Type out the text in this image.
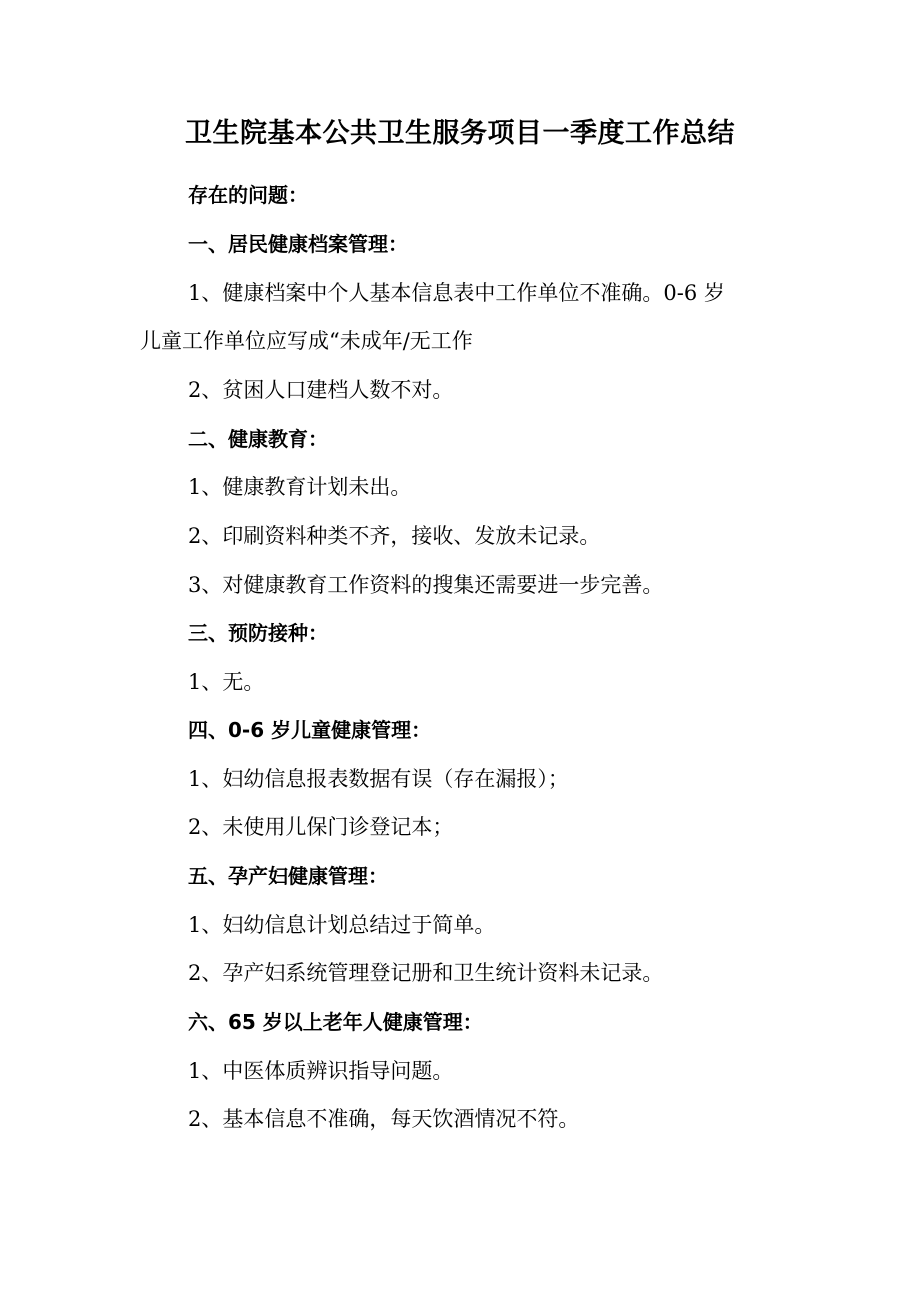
卫生院基本公共卫生服务项目一季度工作总结
存在的问题：
一、居民健康档案管理：
1、健康档案中个人基本信息表中工作单位不准确。0-6 岁
儿童工作单位应写成“未成年/无工作
2、贫困人口建档人数不对。
二、健康教育：
1、健康教育计划未出。
2、印刷资料种类不齐，接收、发放未记录。
3、对健康教育工作资料的搜集还需要进一步完善。
三、预防接种：
1、无。
四、0-6 岁儿童健康管理：
1、妇幼信息报表数据有误（存在漏报）；
2、未使用儿保门诊登记本；
五、孕产妇健康管理：
1、妇幼信息计划总结过于简单。
2、孕产妇系统管理登记册和卫生统计资料未记录。
六、65 岁以上老年人健康管理：
1、中医体质辨识指导问题。
2、基本信息不准确，每天饮酒情况不符。
